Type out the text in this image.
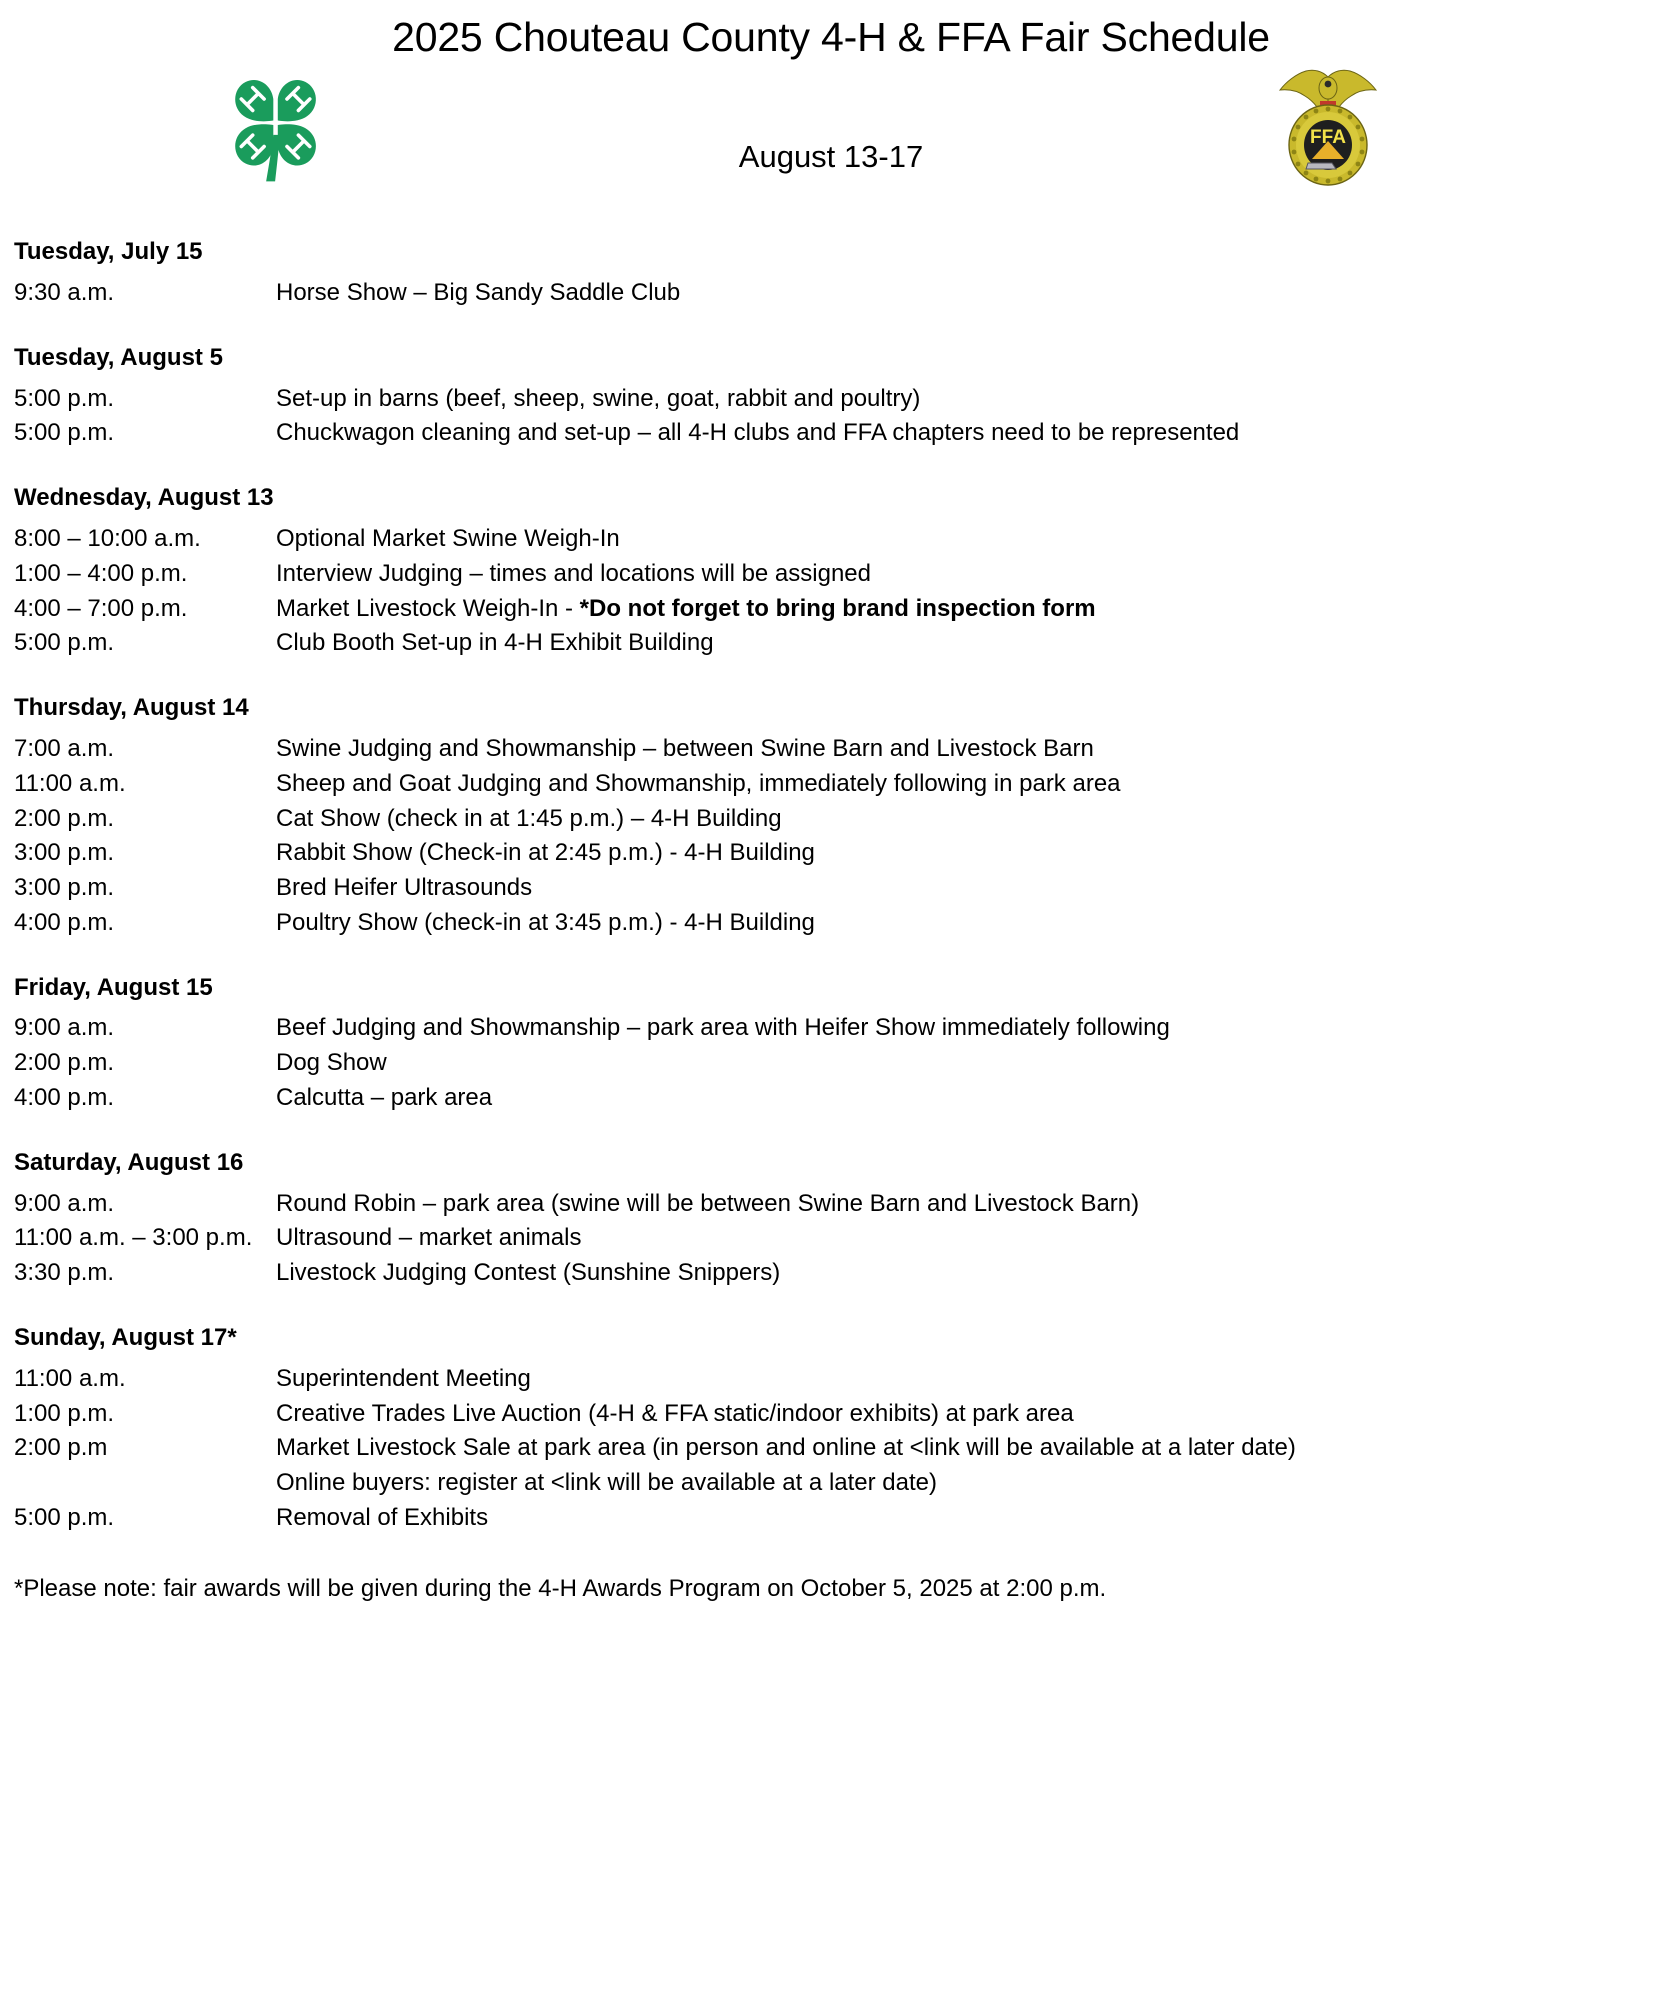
2025 Chouteau County 4-H & FFA Fair Schedule
August 13-17
FFA
Tuesday, July 15
9:30 a.m.	Horse Show – Big Sandy Saddle Club
Tuesday, August 5
5:00 p.m.	Set-up in barns (beef, sheep, swine, goat, rabbit and poultry)
5:00 p.m.	Chuckwagon cleaning and set-up – all 4-H clubs and FFA chapters need to be represented
Wednesday, August 13
8:00 – 10:00 a.m.	Optional Market Swine Weigh-In
1:00 – 4:00 p.m.	Interview Judging – times and locations will be assigned
4:00 – 7:00 p.m.	Market Livestock Weigh-In - *Do not forget to bring brand inspection form
5:00 p.m.	Club Booth Set-up in 4-H Exhibit Building
Thursday, August 14
7:00 a.m.	Swine Judging and Showmanship – between Swine Barn and Livestock Barn
11:00 a.m.	Sheep and Goat Judging and Showmanship, immediately following in park area
2:00 p.m.	Cat Show (check in at 1:45 p.m.) – 4-H Building
3:00 p.m.	Rabbit Show (Check-in at 2:45 p.m.) - 4-H Building
3:00 p.m.	Bred Heifer Ultrasounds
4:00 p.m.	Poultry Show (check-in at 3:45 p.m.) - 4-H Building
Friday, August 15
9:00 a.m.	Beef Judging and Showmanship – park area with Heifer Show immediately following
2:00 p.m.	Dog Show
4:00 p.m.	Calcutta – park area
Saturday, August 16
9:00 a.m.	Round Robin – park area (swine will be between Swine Barn and Livestock Barn)
11:00 a.m. – 3:00 p.m. Ultrasound – market animals
3:30 p.m.	Livestock Judging Contest (Sunshine Snippers)
Sunday, August 17*
11:00 a.m.	Superintendent Meeting
1:00 p.m.	Creative Trades Live Auction (4-H & FFA static/indoor exhibits) at park area
2:00 p.m	Market Livestock Sale at park area (in person and online at <link will be available at a later date)
Online buyers: register at <link will be available at a later date)
5:00 p.m.	Removal of Exhibits
*Please note: fair awards will be given during the 4-H Awards Program on October 5, 2025 at 2:00 p.m.
